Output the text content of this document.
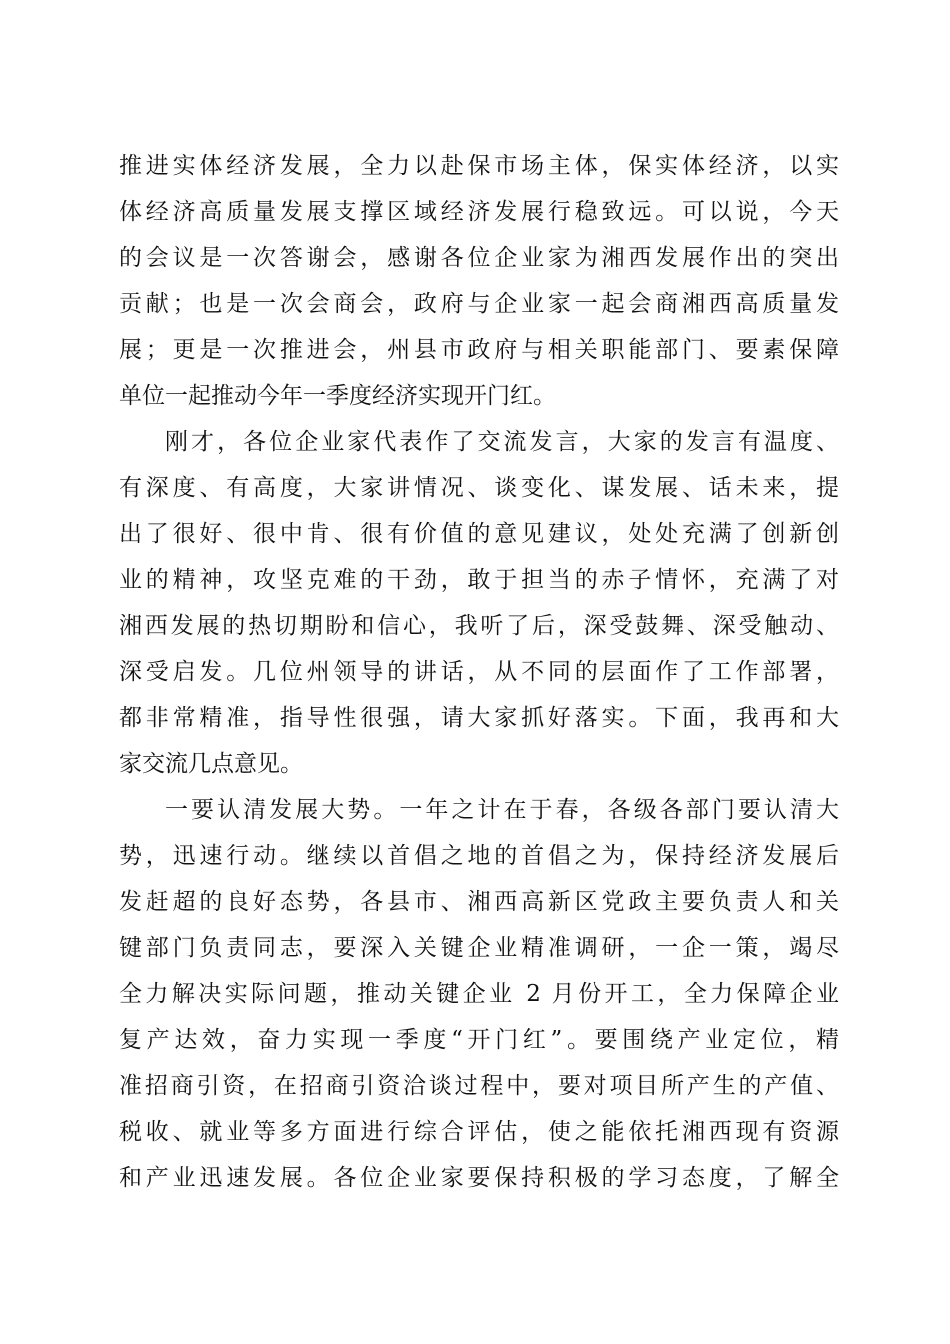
推进实体经济发展，全力以赴保市场主体，保实体经济，以实
体经济高质量发展支撑区域经济发展行稳致远。可以说，今天
的会议是一次答谢会，感谢各位企业家为湘西发展作出的突出
贡献；也是一次会商会，政府与企业家一起会商湘西高质量发
展；更是一次推进会，州县市政府与相关职能部门、要素保障
单位一起推动今年一季度经济实现开门红。
刚才，各位企业家代表作了交流发言，大家的发言有温度、
有深度、有高度，大家讲情况、谈变化、谋发展、话未来，提
出了很好、很中肯、很有价值的意见建议，处处充满了创新创
业的精神，攻坚克难的干劲，敢于担当的赤子情怀，充满了对
湘西发展的热切期盼和信心，我听了后，深受鼓舞、深受触动、
深受启发。几位州领导的讲话，从不同的层面作了工作部署，
都非常精准，指导性很强，请大家抓好落实。下面，我再和大
家交流几点意见。
一要认清发展大势。一年之计在于春，各级各部门要认清大
势，迅速行动。继续以首倡之地的首倡之为，保持经济发展后
发赶超的良好态势，各县市、湘西高新区党政主要负责人和关
键部门负责同志，要深入关键企业精准调研，一企一策，竭尽
全力解决实际问题，推动关键企业 2 月份开工，全力保障企业
复产达效，奋力实现一季度“开门红”。要围绕产业定位，精
准招商引资，在招商引资洽谈过程中，要对项目所产生的产值、
税收、就业等多方面进行综合评估，使之能依托湘西现有资源
和产业迅速发展。各位企业家要保持积极的学习态度，了解全
